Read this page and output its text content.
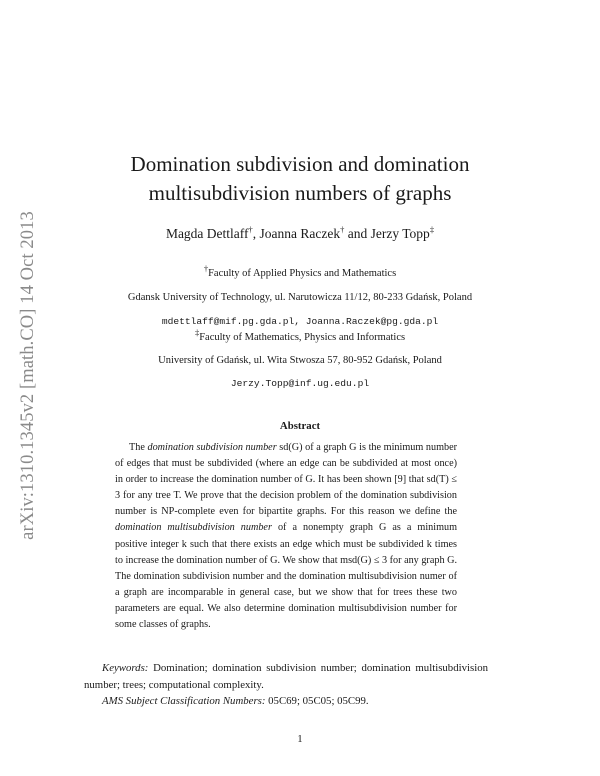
arXiv:1310.1345v2 [math.CO] 14 Oct 2013
Domination subdivision and domination
multisubdivision numbers of graphs
Magda Dettlaff†, Joanna Raczek† and Jerzy Topp‡
†Faculty of Applied Physics and Mathematics
Gdansk University of Technology, ul. Narutowicza 11/12, 80-233 Gdańsk, Poland
mdettlaff@mif.pg.gda.pl, Joanna.Raczek@pg.gda.pl
‡Faculty of Mathematics, Physics and Informatics
University of Gdańsk, ul. Wita Stwosza 57, 80-952 Gdańsk, Poland
Jerzy.Topp@inf.ug.edu.pl
Abstract

The domination subdivision number sd(G) of a graph G is the minimum number of edges that must be subdivided (where an edge can be subdivided at most once) in order to increase the domination number of G. It has been shown [9] that sd(T) ≤ 3 for any tree T. We prove that the decision problem of the domination subdivision number is NP-complete even for bipartite graphs. For this reason we define the domination multisubdivision number of a nonempty graph G as a minimum positive integer k such that there exists an edge which must be subdivided k times to increase the domination number of G. We show that msd(G) ≤ 3 for any graph G. The domination subdivision number and the domination multisubdivision numer of a graph are incomparable in general case, but we show that for trees these two parameters are equal. We also determine domination multisubdivision number for some classes of graphs.

Keywords: Domination; domination subdivision number; domination multisubdivision number; trees; computational complexity.

AMS Subject Classification Numbers: 05C69; 05C05; 05C99.

1
